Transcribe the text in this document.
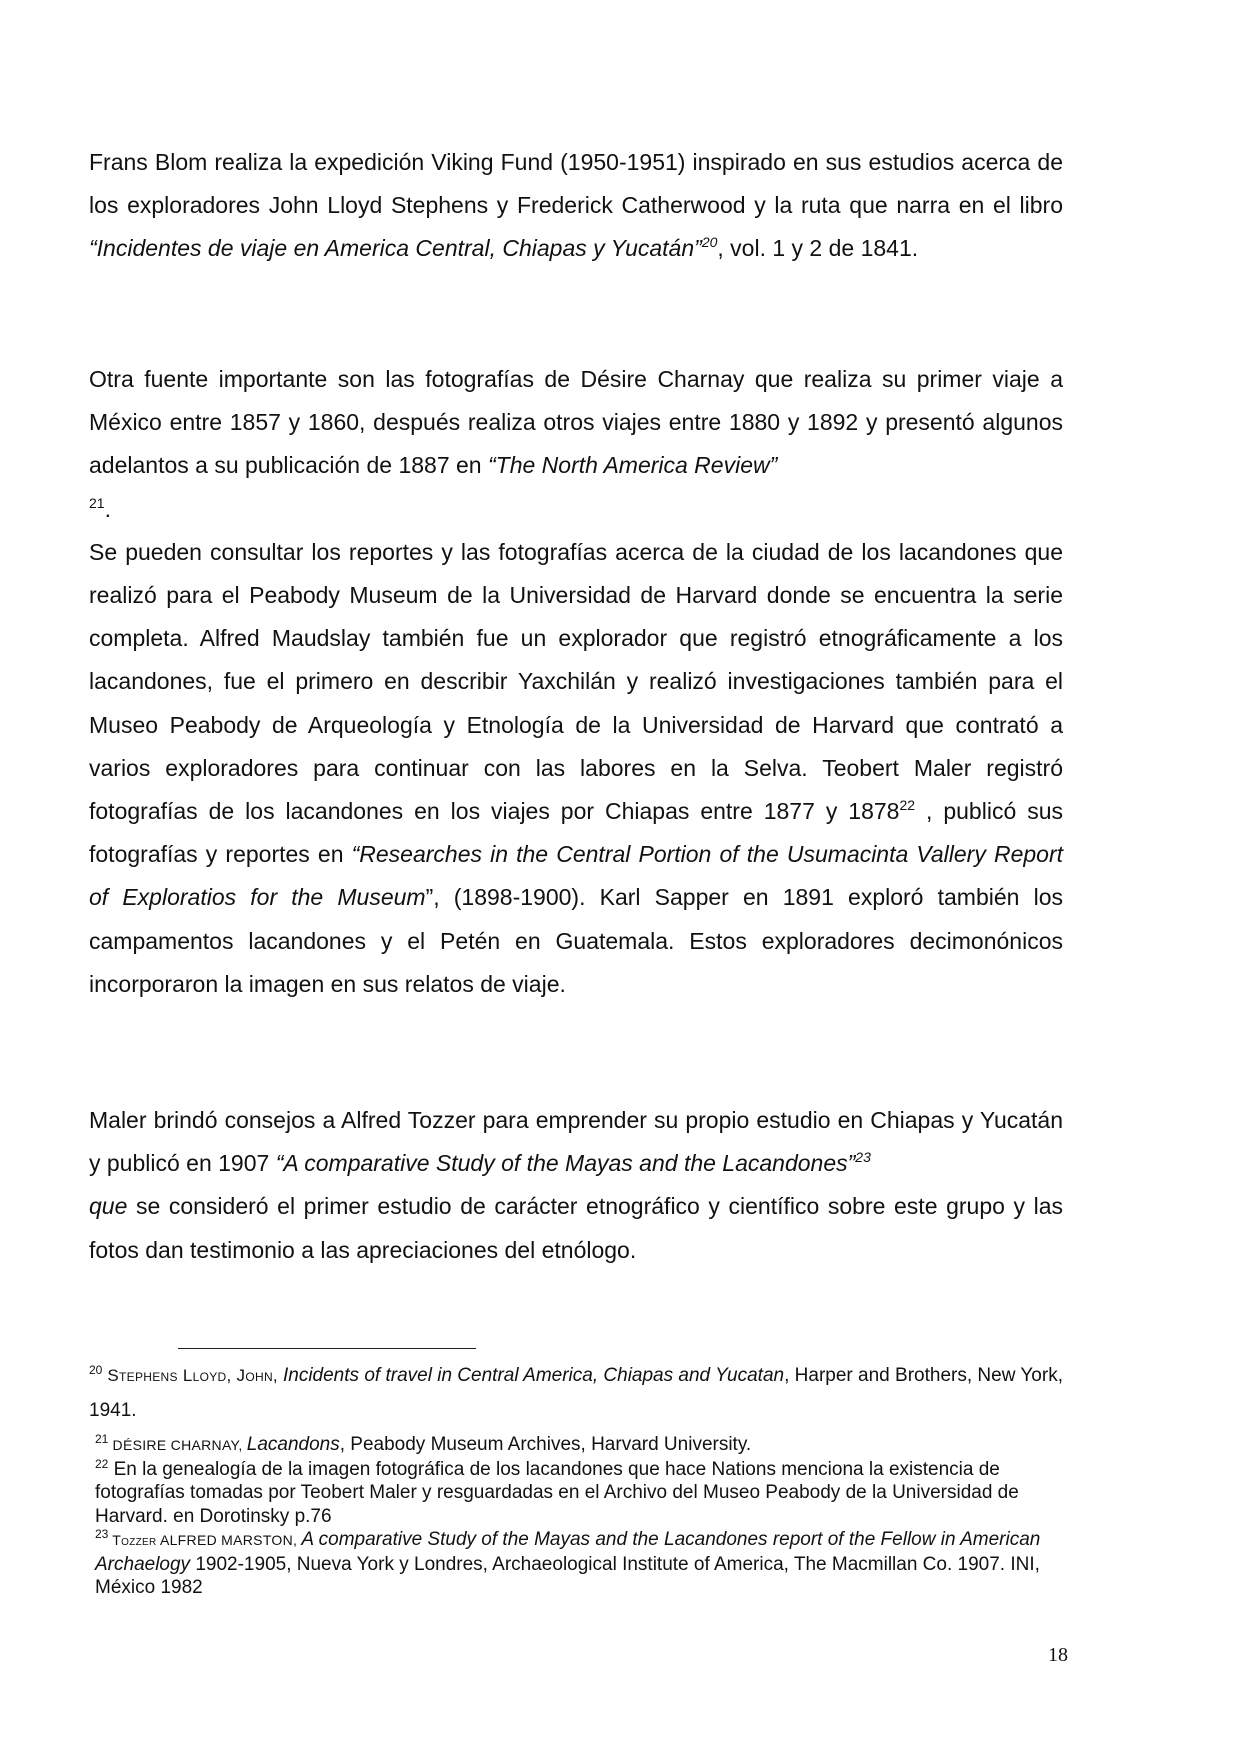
Frans Blom realiza la expedición Viking Fund (1950-1951) inspirado en sus estudios acerca de los exploradores John Lloyd Stephens y Frederick Catherwood y la ruta que narra en el libro “Incidentes de viaje en America Central, Chiapas y Yucatán”$^{20}$, vol. 1 y 2 de 1841.

Otra fuente importante son las fotografías de Désire Charnay que realiza su primer viaje a México entre 1857 y 1860, después realiza otros viajes entre 1880 y 1892 y presentó algunos adelantos a su publicación de 1887 en “The North America Review”
$^{21}$.
Se pueden consultar los reportes y las fotografías acerca de la ciudad de los lacandones que realizó para el Peabody Museum de la Universidad de Harvard donde se encuentra la serie completa. Alfred Maudslay también fue un explorador que registró etnográficamente a los lacandones, fue el primero en describir Yaxchilán y realizó investigaciones también para el Museo Peabody de Arqueología y Etnología de la Universidad de Harvard que contrató a varios exploradores para continuar con las labores en la Selva. Teobert Maler registró fotografías de los lacandones en los viajes por Chiapas entre 1877 y 1878$^{22}$ , publicó sus fotografías y reportes en “Researches in the Central Portion of the Usumacinta Vallery Report of Exploratios for the Museum”, (1898-1900). Karl Sapper en 1891 exploró también los campamentos lacandones y el Petén en Guatemala. Estos exploradores decimonónicos incorporaron la imagen en sus relatos de viaje.

Maler brindó consejos a Alfred Tozzer para emprender su propio estudio en Chiapas y Yucatán y publicó en 1907 “A comparative Study of the Mayas and the Lacandones”$^{23}$
que se consideró el primer estudio de carácter etnográfico y científico sobre este grupo y las fotos dan testimonio a las apreciaciones del etnólogo.

$^{20}$ Stephens Lloyd, John, Incidents of travel in Central America, Chiapas and Yucatan, Harper and Brothers, New York, 1941.

$^{21}$ DÉSIRE CHARNAY, Lacandons, Peabody Museum Archives, Harvard University.

$^{22}$ En la genealogía de la imagen fotográfica de los lacandones que hace Nations menciona la existencia de fotografías tomadas por Teobert Maler y resguardadas en el Archivo del Museo Peabody de la Universidad de Harvard. en Dorotinsky p.76

$^{23}$ Tozzer ALFRED MARSTON, A comparative Study of the Mayas and the Lacandones report of the Fellow in American Archaelogy 1902-1905, Nueva York y Londres, Archaeological Institute of America, The Macmillan Co. 1907. INI, México 1982

18
